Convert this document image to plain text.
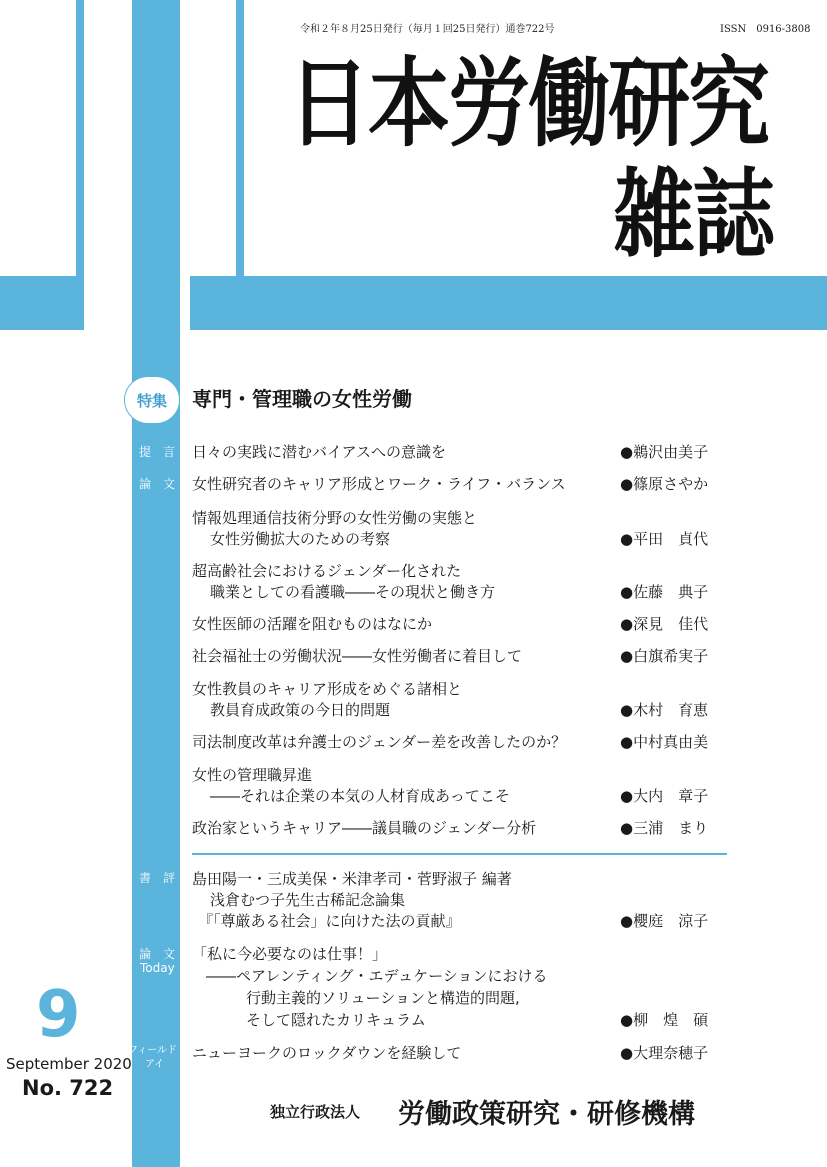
令和２年８月25日発行（毎月１回25日発行）通巻722号	ISSN　0916-3808
日本労働研究
雑誌
特集 専門・管理職の女性労働
提　言
論　文
書　評
論　文
Today
フィールド・
アイ
日々の実践に潜むバイアスへの意識を	●鵜沢由美子
女性研究者のキャリア形成とワーク・ライフ・バランス	●篠原さやか
情報処理通信技術分野の女性労働の実態と
女性労働拡大のための考察	●平田　貞代
超高齢社会におけるジェンダー化された
職業としての看護職――その現状と働き方	●佐藤　典子
女性医師の活躍を阻むものはなにか	●深見　佳代
社会福祉士の労働状況――女性労働者に着目して	●白旗希実子
女性教員のキャリア形成をめぐる諸相と
教員育成政策の今日的問題	●木村　育恵
司法制度改革は弁護士のジェンダー差を改善したのか？	●中村真由美
女性の管理職昇進
――それは企業の本気の人材育成あってこそ	●大内　章子
政治家というキャリア――議員職のジェンダー分析	●三浦　まり
島田陽一・三成美保・米津孝司・菅野淑子 編著
浅倉むつ子先生古稀記念論集
『「尊厳ある社会」に向けた法の貢献』	●櫻庭　涼子
「私に今必要なのは仕事！」
――ペアレンティング・エデュケーションにおける
行動主義的ソリューションと構造的問題,
そして隠れたカリキュラム	●柳　煌　碩
ニューヨークのロックダウンを経験して	●大理奈穂子
9
September 2020
No. 722
独立行政法人 労働政策研究・研修機構
